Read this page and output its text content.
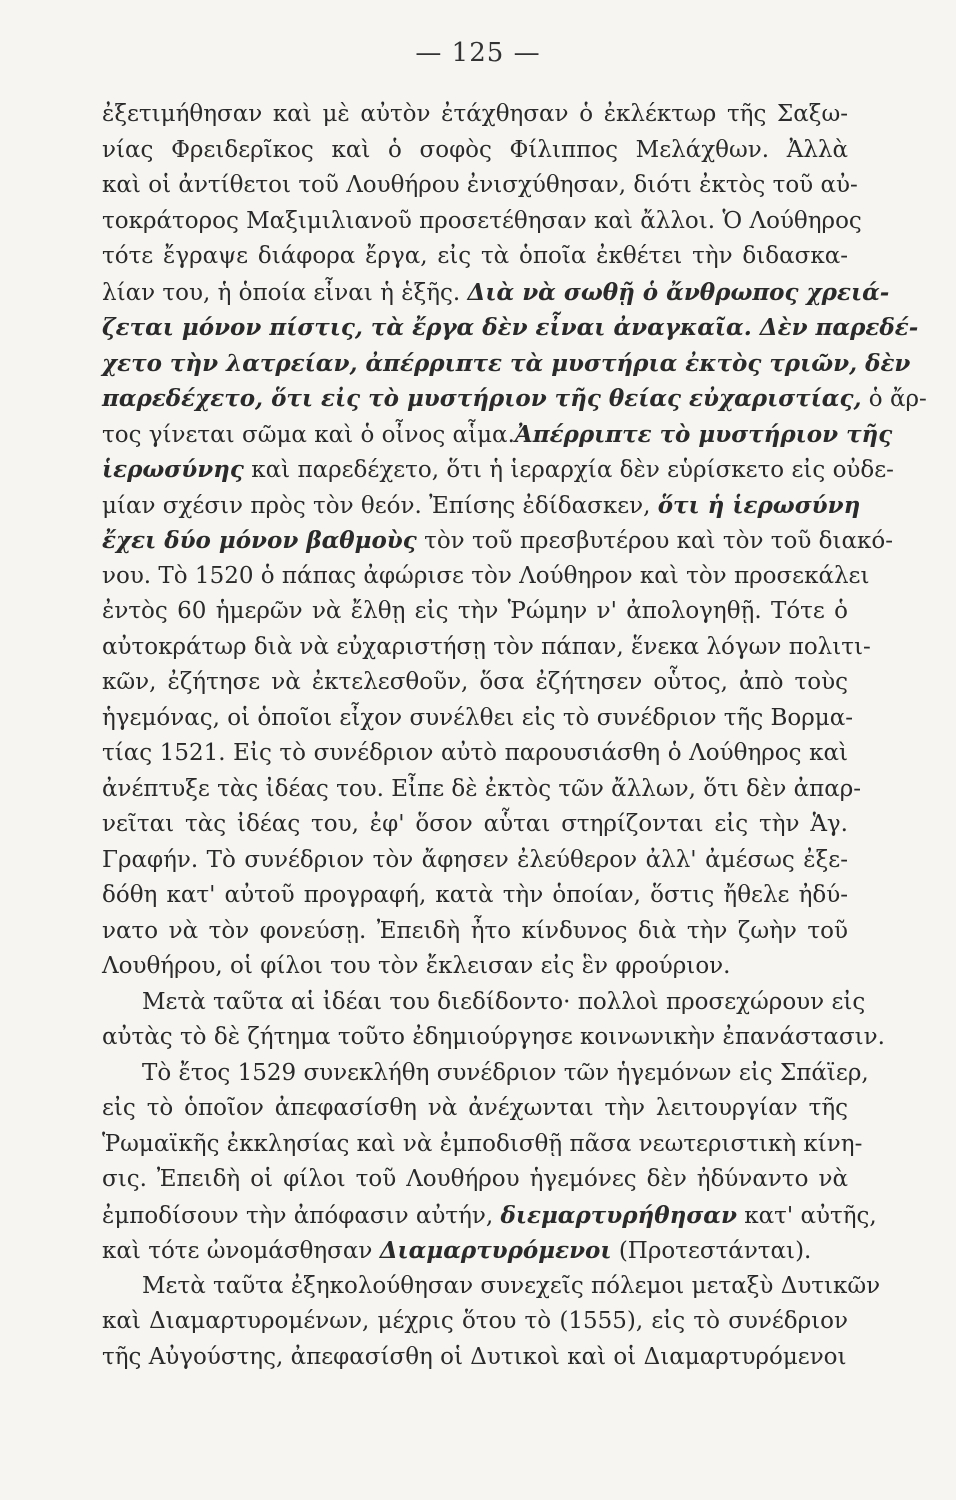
— 125 —
ἐξετιμήθησαν καὶ μὲ αὐτὸν ἐτάχθησαν ὁ ἐκλέκτωρ τῆς Σαξω-
νίας Φρειδερῖκος καὶ ὁ σοφὸς Φίλιππος Μελάχθων. Ἀλλὰ
καὶ οἱ ἀντίθετοι τοῦ Λουθήρου ἐνισχύθησαν, διότι ἐκτὸς τοῦ αὐ-
τοκράτορος Μαξιμιλιανοῦ προσετέθησαν καὶ ἄλλοι. Ὁ Λούθηρος
τότε ἔγραψε διάφορα ἔργα, εἰς τὰ ὁποῖα ἐκθέτει τὴν διδασκα-
λίαν του, ἡ ὁποία εἶναι ἡ ἑξῆς. Διὰ νὰ σωθῇ ὁ ἄνθρωπος χρειά-
ζεται μόνον πίστις, τὰ ἔργα δὲν εἶναι ἀναγκαῖα. Δὲν παρεδέ-
χετο τὴν λατρείαν, ἀπέρριπτε τὰ μυστήρια ἐκτὸς τριῶν, δὲν
παρεδέχετο, ὅτι εἰς τὸ μυστήριον τῆς θείας εὐχαριστίας, ὁ ἄρ-
τος γίνεται σῶμα καὶ ὁ οἶνος αἷμα.Ἀπέρριπτε τὸ μυστήριον τῆς
ἱερωσύνης καὶ παρεδέχετο, ὅτι ἡ ἱεραρχία δὲν εὑρίσκετο εἰς οὐδε-
μίαν σχέσιν πρὸς τὸν θεόν. Ἐπίσης ἐδίδασκεν, ὅτι ἡ ἱερωσύνη
ἔχει δύο μόνον βαθμοὺς τὸν τοῦ πρεσβυτέρου καὶ τὸν τοῦ διακό-
νου. Τὸ 1520 ὁ πάπας ἀφώρισε τὸν Λούθηρον καὶ τὸν προσεκάλει
ἐντὸς 60 ἡμερῶν νὰ ἔλθῃ εἰς τὴν Ῥώμην ν' ἀπολογηθῇ. Τότε ὁ
αὐτοκράτωρ διὰ νὰ εὐχαριστήσῃ τὸν πάπαν, ἕνεκα λόγων πολιτι-
κῶν, ἐζήτησε νὰ ἐκτελεσθοῦν, ὅσα ἐζήτησεν οὗτος, ἀπὸ τοὺς
ἡγεμόνας, οἱ ὁποῖοι εἶχον συνέλθει εἰς τὸ συνέδριον τῆς Βορμα-
τίας 1521. Εἰς τὸ συνέδριον αὐτὸ παρουσιάσθη ὁ Λούθηρος καὶ
ἀνέπτυξε τὰς ἰδέας του. Εἶπε δὲ ἐκτὸς τῶν ἄλλων, ὅτι δὲν ἀπαρ-
νεῖται τὰς ἰδέας του, ἐφ' ὅσον αὗται στηρίζονται εἰς τὴν Ἁγ.
Γραφήν. Τὸ συνέδριον τὸν ἄφησεν ἐλεύθερον ἀλλ' ἀμέσως ἐξε-
δόθη κατ' αὐτοῦ προγραφή, κατὰ τὴν ὁποίαν, ὅστις ἤθελε ἠδύ-
νατο νὰ τὸν φονεύσῃ. Ἐπειδὴ ἦτο κίνδυνος διὰ τὴν ζωὴν τοῦ
Λουθήρου, οἱ φίλοι του τὸν ἔκλεισαν εἰς ἓν φρούριον.
Μετὰ ταῦτα αἱ ἰδέαι του διεδίδοντο· πολλοὶ προσεχώρουν εἰς
αὐτὰς τὸ δὲ ζήτημα τοῦτο ἐδημιούργησε κοινωνικὴν ἐπανάστασιν.
Τὸ ἔτος 1529 συνεκλήθη συνέδριον τῶν ἡγεμόνων εἰς Σπάϊερ,
εἰς τὸ ὁποῖον ἀπεφασίσθη νὰ ἀνέχωνται τὴν λειτουργίαν τῆς
Ῥωμαϊκῆς ἐκκλησίας καὶ νὰ ἐμποδισθῇ πᾶσα νεωτεριστικὴ κίνη-
σις. Ἐπειδὴ οἱ φίλοι τοῦ Λουθήρου ἡγεμόνες δὲν ἠδύναντο νὰ
ἐμποδίσουν τὴν ἀπόφασιν αὐτήν, διεμαρτυρήθησαν κατ' αὐτῆς,
καὶ τότε ὠνομάσθησαν Διαμαρτυρόμενοι (Προτεστάνται).
Μετὰ ταῦτα ἐξηκολούθησαν συνεχεῖς πόλεμοι μεταξὺ Δυτικῶν
καὶ Διαμαρτυρομένων, μέχρις ὅτου τὸ (1555), εἰς τὸ συνέδριον
τῆς Αὐγούστης, ἀπεφασίσθη οἱ Δυτικοὶ καὶ οἱ Διαμαρτυρόμενοι
